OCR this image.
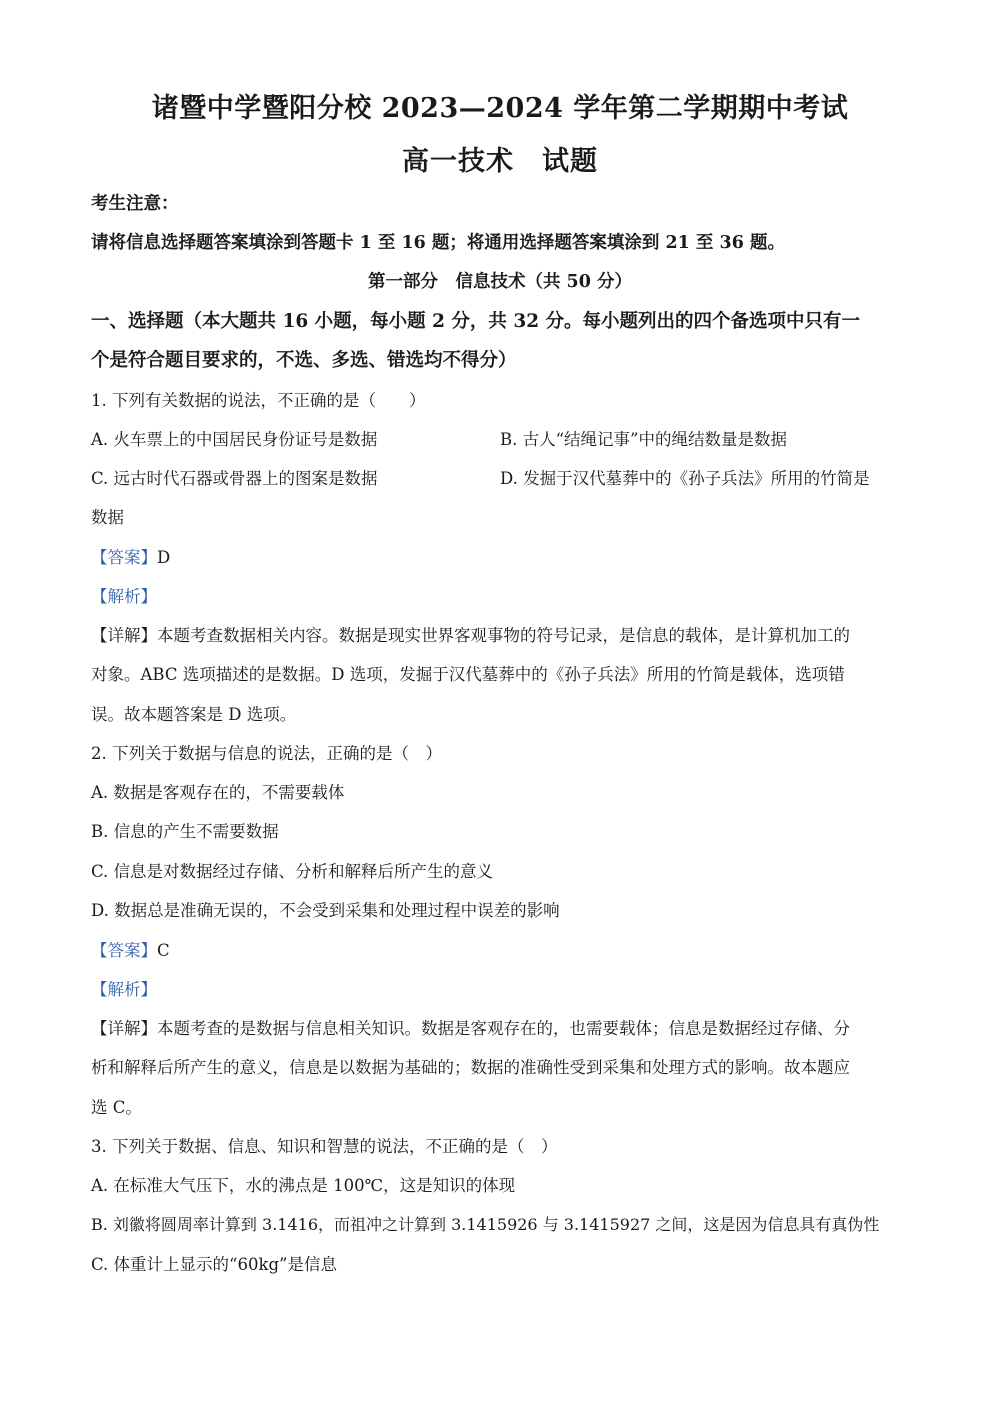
诸暨中学暨阳分校 2023—2024 学年第二学期期中考试
高一技术　试题
考生注意：
请将信息选择题答案填涂到答题卡 1 至 16 题；将通用选择题答案填涂到 21 至 36 题。
第一部分　信息技术（共 50 分）
一、选择题（本大题共 16 小题，每小题 2 分，共 32 分。每小题列出的四个备选项中只有一
个是符合题目要求的，不选、多选、错选均不得分）
1. 下列有关数据的说法，不正确的是（　　）
A. 火车票上的中国居民身份证号是数据	B. 古人“结绳记事”中的绳结数量是数据
C. 远古时代石器或骨器上的图案是数据	D. 发掘于汉代墓葬中的《孙子兵法》所用的竹简是
数据
【答案】D
【解析】
【详解】本题考查数据相关内容。数据是现实世界客观事物的符号记录，是信息的载体，是计算机加工的
对象。ABC 选项描述的是数据。D 选项，发掘于汉代墓葬中的《孙子兵法》所用的竹简是载体，选项错
误。故本题答案是 D 选项。
2. 下列关于数据与信息的说法，正确的是（　）
A. 数据是客观存在的，不需要载体
B. 信息的产生不需要数据
C. 信息是对数据经过存储、分析和解释后所产生的意义
D. 数据总是准确无误的，不会受到采集和处理过程中误差的影响
【答案】C
【解析】
【详解】本题考查的是数据与信息相关知识。数据是客观存在的，也需要载体；信息是数据经过存储、分
析和解释后所产生的意义，信息是以数据为基础的；数据的准确性受到采集和处理方式的影响。故本题应
选 C。
3. 下列关于数据、信息、知识和智慧的说法，不正确的是（　）
A. 在标准大气压下，水的沸点是 100℃，这是知识的体现
B. 刘徽将圆周率计算到 3.1416，而祖冲之计算到 3.1415926 与 3.1415927 之间，这是因为信息具有真伪性
C. 体重计上显示的“60kg”是信息
